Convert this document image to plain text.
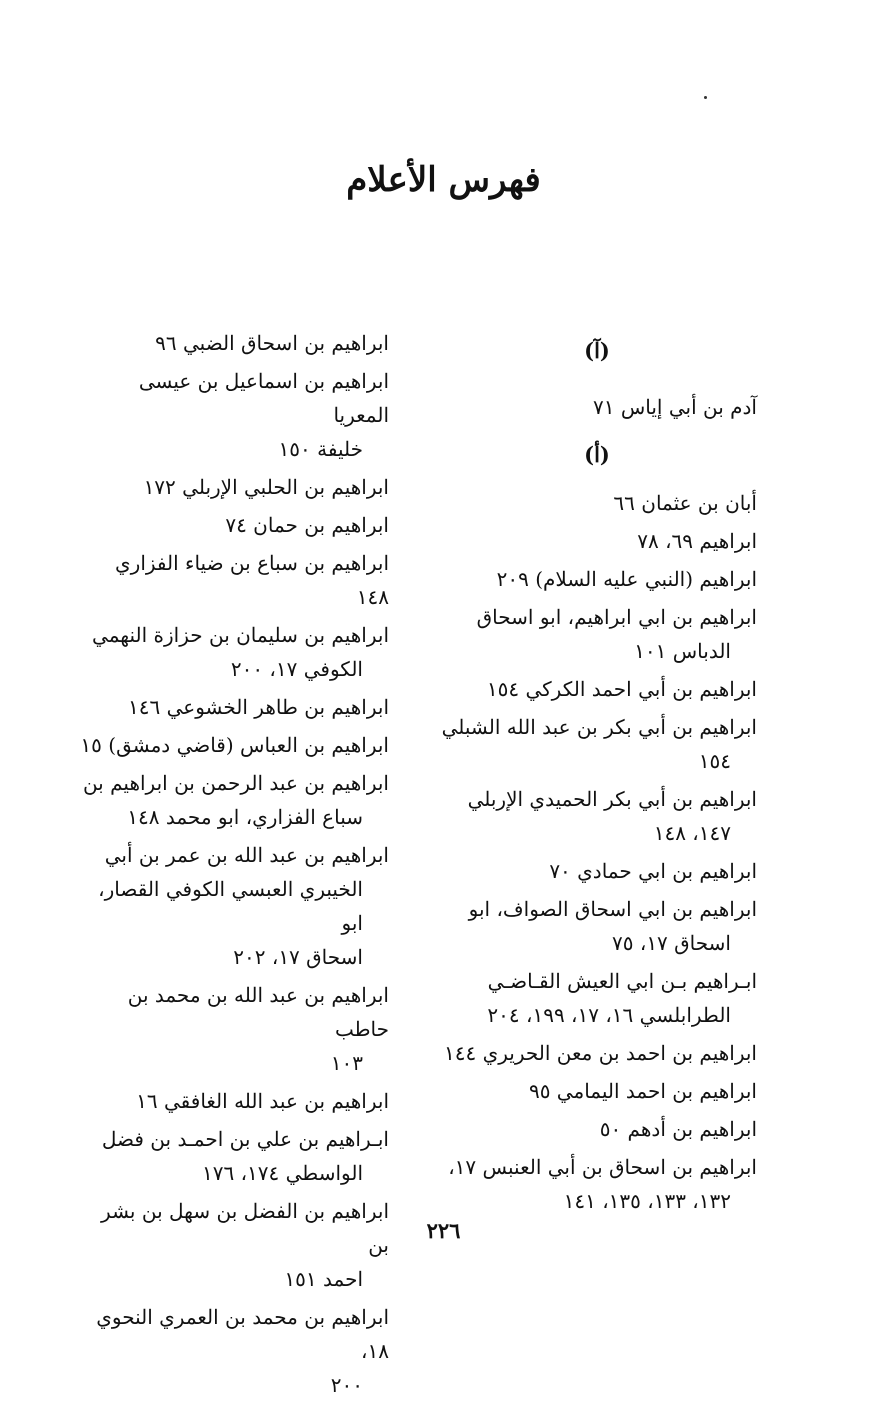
فهرس الأعلام
(آ)
آدم بن أبي إياس ٧١
(أ)
أبان بن عثمان ٦٦
ابراهيم ٦٩، ٧٨
ابراهيم (النبي عليه السلام) ٢٠٩
ابراهيم بن ابي ابراهيم، ابو اسحاق
الدباس ١٠١
ابراهيم بن أبي احمد الكركي ١٥٤
ابراهيم بن أبي بكر بن عبد الله الشبلي
١٥٤
ابراهيم بن أبي بكر الحميدي الإربلي
١٤٧، ١٤٨
ابراهيم بن ابي حمادي ٧٠
ابراهيم بن ابي اسحاق الصواف، ابو
اسحاق ١٧، ٧٥
ابـراهيم بـن ابي العيش القـاضـي
الطرابلسي ١٦، ١٧، ١٩٩، ٢٠٤
ابراهيم بن احمد بن معن الحريري ١٤٤
ابراهيم بن احمد اليمامي ٩٥
ابراهيم بن أدهم ٥٠
ابراهيم بن اسحاق بن أبي العنبس ١٧،
١٣٢، ١٣٣، ١٣٥، ١٤١
ابراهيم بن اسحاق الضبي ٩٦
ابراهيم بن اسماعيل بن عيسى المعريا
خليفة ١٥٠
ابراهيم بن الحلبي الإربلي ١٧٢
ابراهيم بن حمان ٧٤
ابراهيم بن سباع بن ضياء الفزاري ١٤٨
ابراهيم بن سليمان بن حزازة النهمي
الكوفي ١٧، ٢٠٠
ابراهيم بن طاهر الخشوعي ١٤٦
ابراهيم بن العباس (قاضي دمشق) ١٥
ابراهيم بن عبد الرحمن بن ابراهيم بن
سباع الفزاري، ابو محمد ١٤٨
ابراهيم بن عبد الله بن عمر بن أبي
الخيبري العبسي الكوفي القصار، ابو
اسحاق ١٧، ٢٠٢
ابراهيم بن عبد الله بن محمد بن حاطب
١٠٣
ابراهيم بن عبد الله الغافقي ١٦
ابـراهيم بن علي بن احمـد بن فضل
الواسطي ١٧٤، ١٧٦
ابراهيم بن الفضل بن سهل بن بشر بن
احمد ١٥١
ابراهيم بن محمد بن العمري النحوي ١٨،
٢٠٠
٢٢٦
